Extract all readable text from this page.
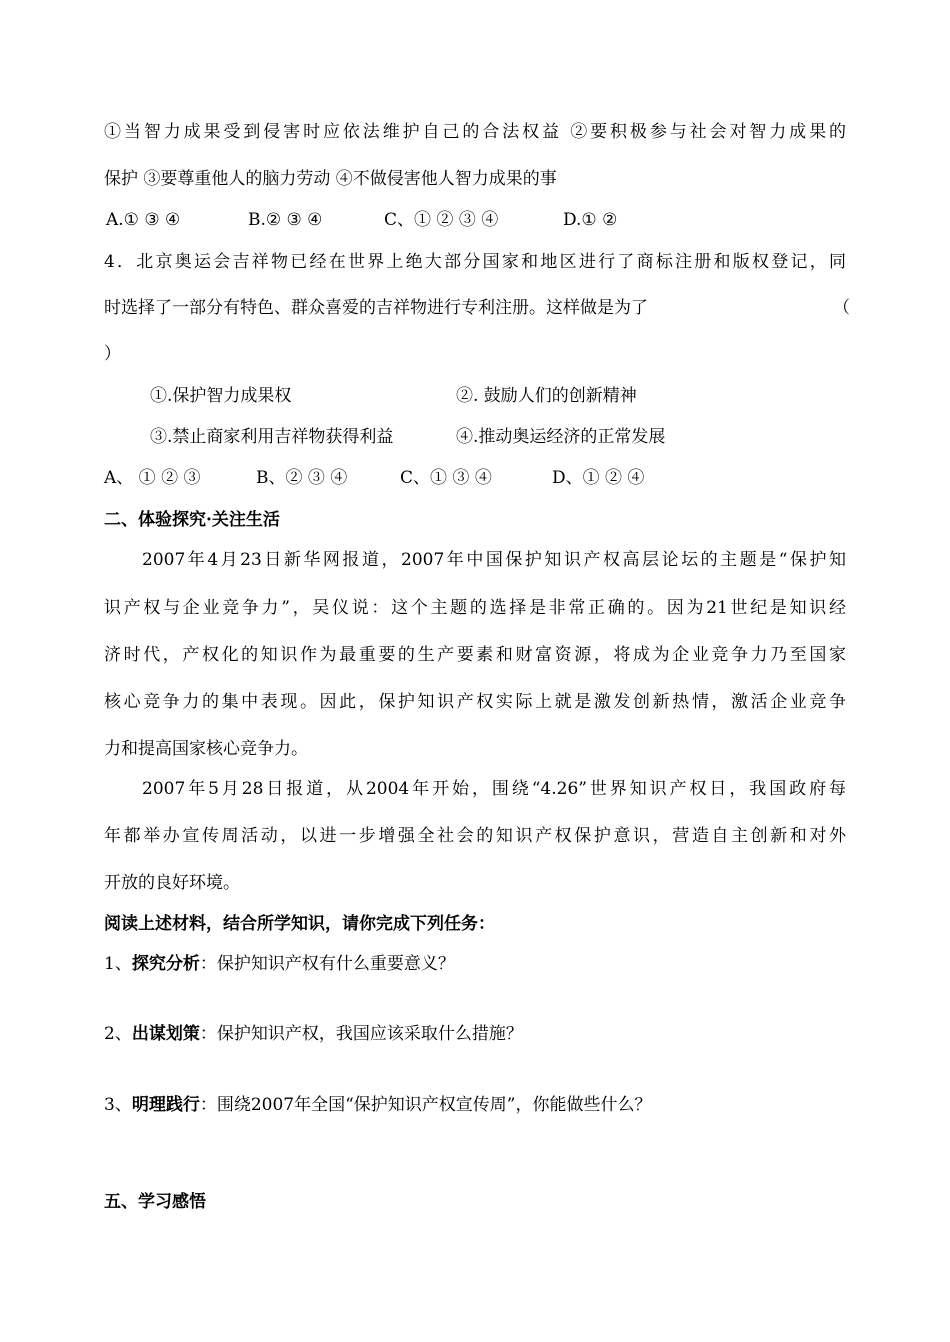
①当智力成果受到侵害时应依法维护自己的合法权益 ②要积极参与社会对智力成果的
保护 ③要尊重他人的脑力劳动 ④不做侵害他人智力成果的事
A.① ③ ④	B.② ③ ④	C、① ② ③ ④	D.① ②
4．北京奥运会吉祥物已经在世界上绝大部分国家和地区进行了商标注册和版权登记，同
时选择了一部分有特色、群众喜爱的吉祥物进行专利注册。这样做是为了	（
）
①.保护智力成果权	②. 鼓励人们的创新精神
③.禁止商家利用吉祥物获得利益	④.推动奥运经济的正常发展
A、 ① ② ③	B、② ③ ④	C、① ③ ④	D、① ② ④
二、体验探究·关注生活
2007年4月23日新华网报道，2007年中国保护知识产权高层论坛的主题是“保护知
识产权与企业竞争力”，吴仪说：这个主题的选择是非常正确的。因为21世纪是知识经
济时代，产权化的知识作为最重要的生产要素和财富资源，将成为企业竞争力乃至国家
核心竞争力的集中表现。因此，保护知识产权实际上就是激发创新热情，激活企业竞争
力和提高国家核心竞争力。
2007年5月28日报道，从2004年开始，围绕“4.26”世界知识产权日，我国政府每
年都举办宣传周活动，以进一步增强全社会的知识产权保护意识，营造自主创新和对外
开放的良好环境。
阅读上述材料，结合所学知识，请你完成下列任务：
1、探究分析：保护知识产权有什么重要意义？
2、出谋划策：保护知识产权，我国应该采取什么措施？
3、明理践行：围绕2007年全国“保护知识产权宣传周”，你能做些什么？
五、学习感悟
